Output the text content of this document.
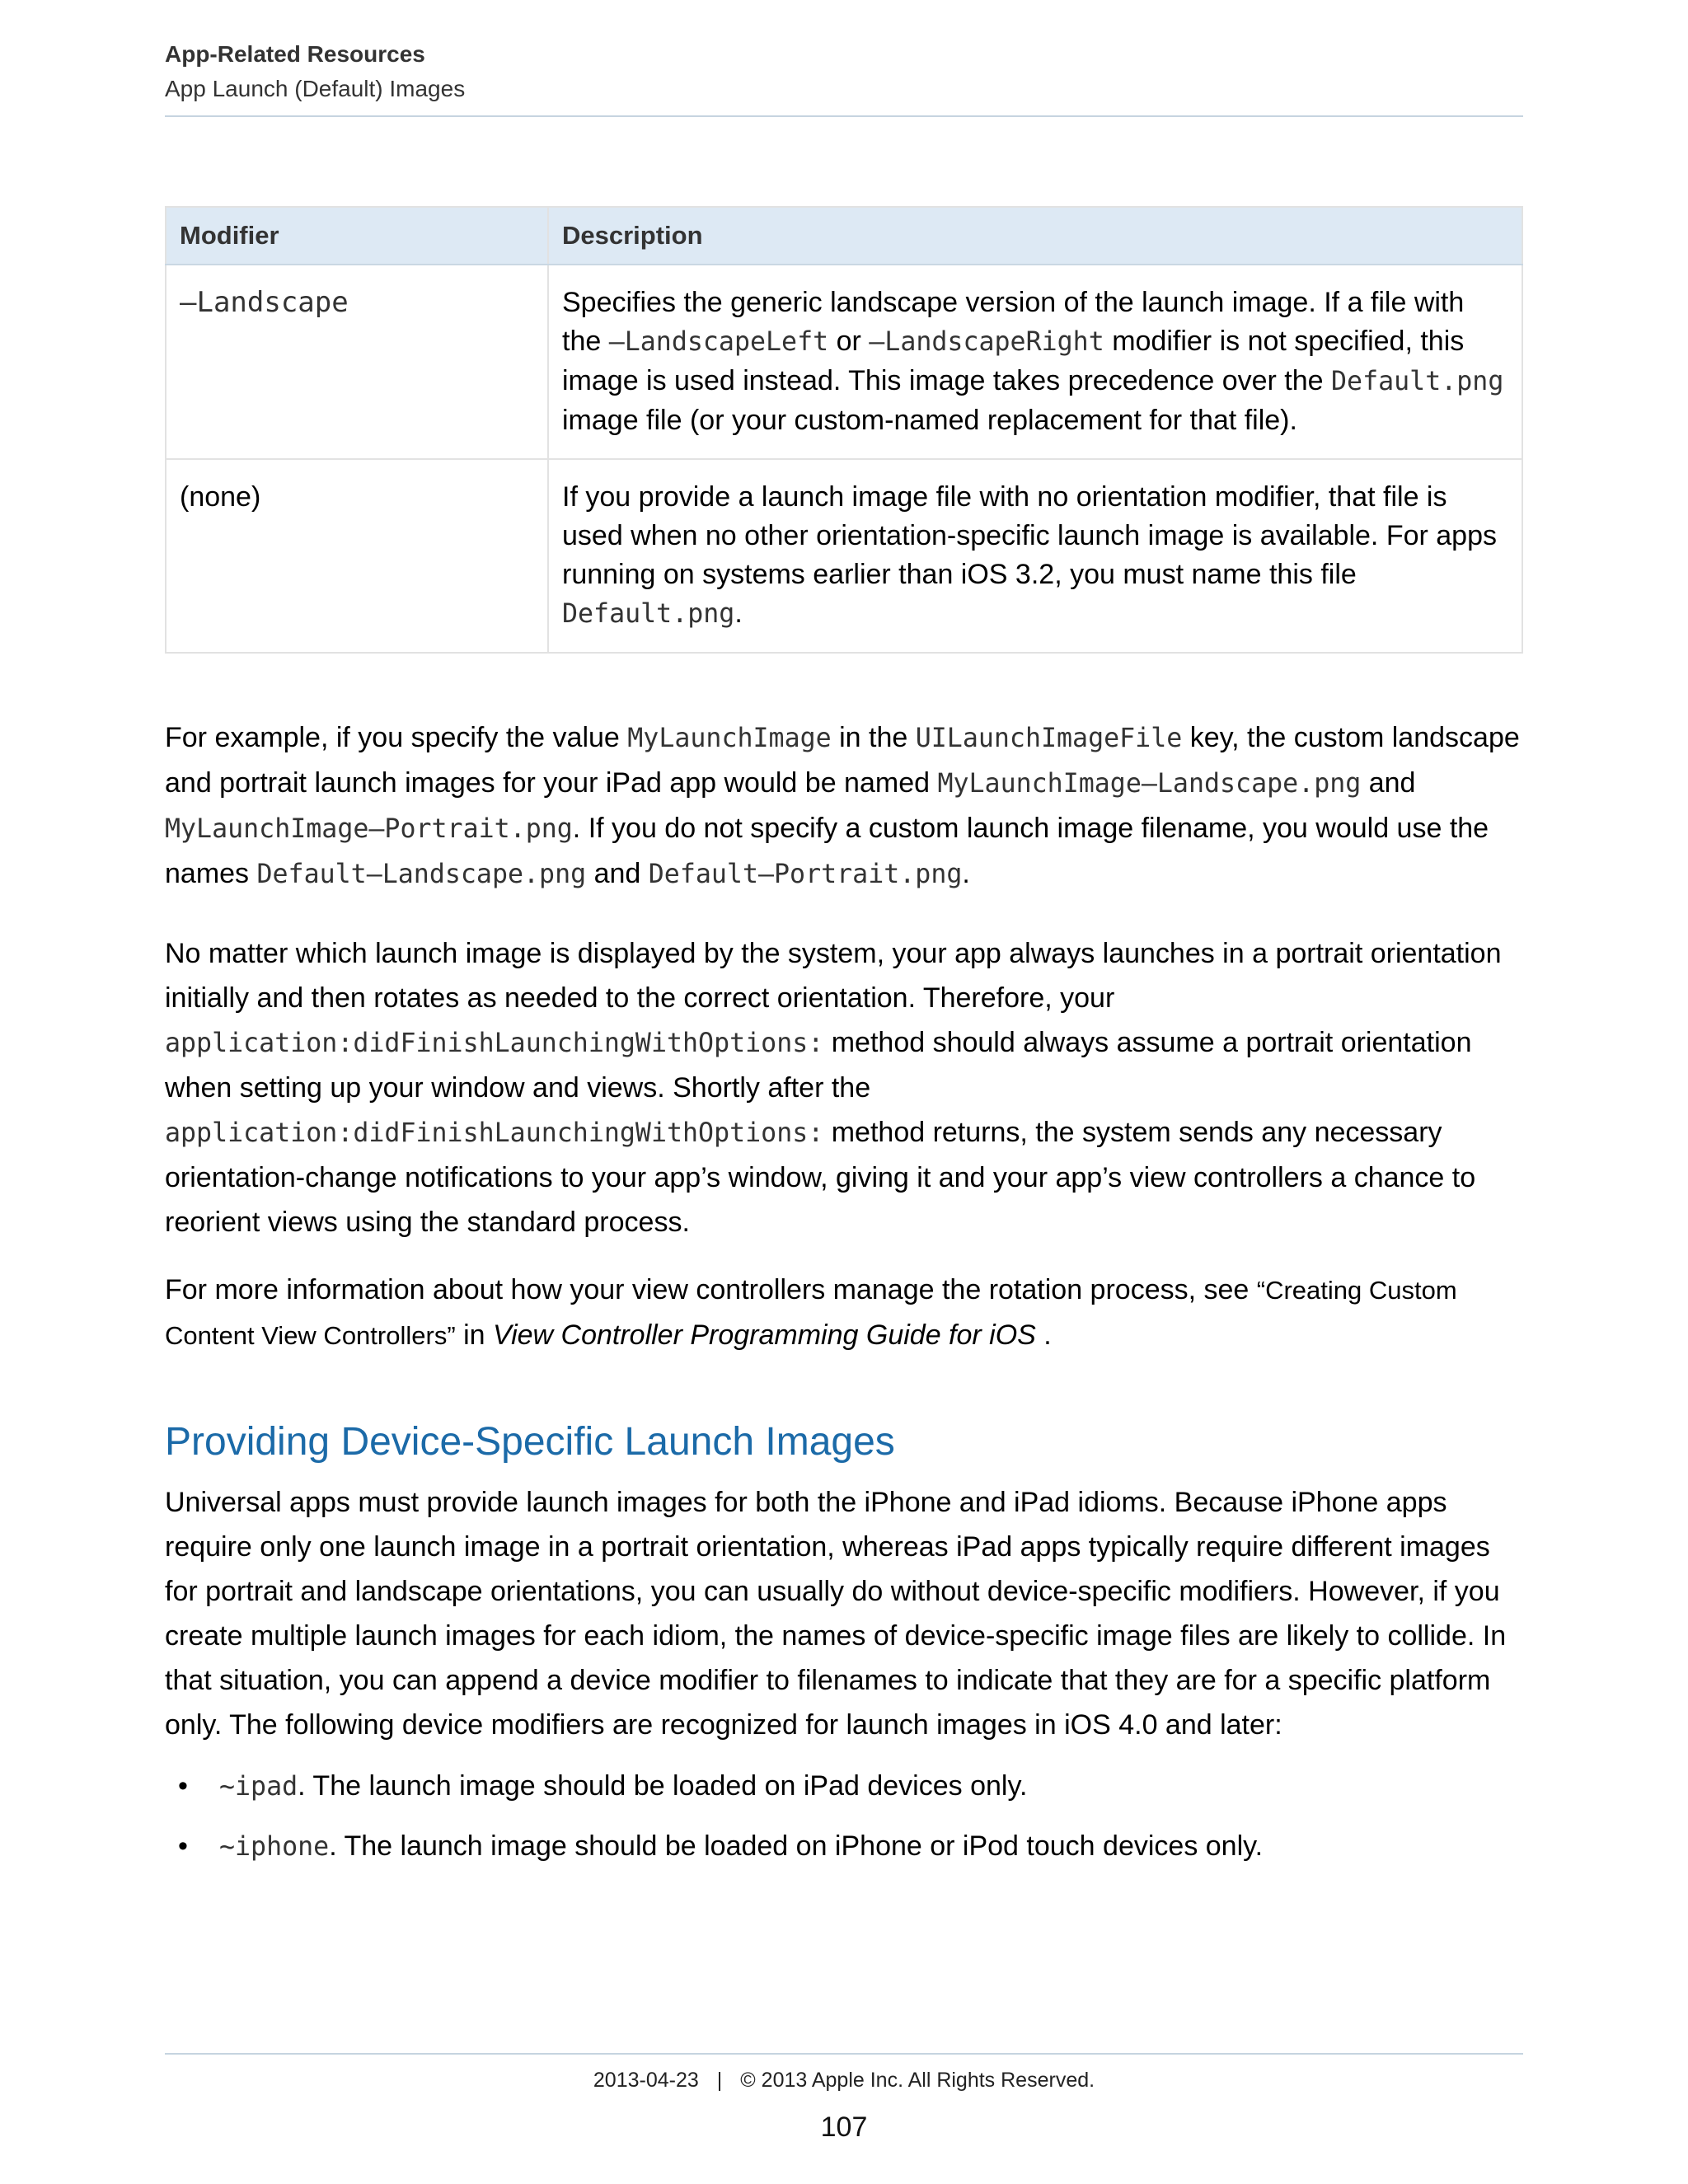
App-Related Resources
App Launch (Default) Images
Modifier	Description
–Landscape	Specifies the generic landscape version of the launch image. If a file with the –LandscapeLeft or –LandscapeRight modifier is not specified, this image is used instead. This image takes precedence over the Default.png image file (or your custom-named replacement for that file).
(none)	If you provide a launch image file with no orientation modifier, that file is used when no other orientation-specific launch image is available. For apps running on systems earlier than iOS 3.2, you must name this file Default.png.

For example, if you specify the value MyLaunchImage in the UILaunchImageFile key, the custom landscape and portrait launch images for your iPad app would be named MyLaunchImage–Landscape.png and MyLaunchImage–Portrait.png. If you do not specify a custom launch image filename, you would use the names Default–Landscape.png and Default–Portrait.png.

No matter which launch image is displayed by the system, your app always launches in a portrait orientation initially and then rotates as needed to the correct orientation. Therefore, your application:didFinishLaunchingWithOptions: method should always assume a portrait orientation when setting up your window and views. Shortly after the application:didFinishLaunchingWithOptions: method returns, the system sends any necessary orientation-change notifications to your app’s window, giving it and your app’s view controllers a chance to reorient views using the standard process.

For more information about how your view controllers manage the rotation process, see “Creating Custom Content View Controllers” in View Controller Programming Guide for iOS .

Providing Device-Specific Launch Images

Universal apps must provide launch images for both the iPhone and iPad idioms. Because iPhone apps require only one launch image in a portrait orientation, whereas iPad apps typically require different images for portrait and landscape orientations, you can usually do without device-specific modifiers. However, if you create multiple launch images for each idiom, the names of device-specific image files are likely to collide. In that situation, you can append a device modifier to filenames to indicate that they are for a specific platform only. The following device modifiers are recognized for launch images in iOS 4.0 and later:

• ~ipad. The launch image should be loaded on iPad devices only.
• ~iphone. The launch image should be loaded on iPhone or iPod touch devices only.
2013-04-23 | © 2013 Apple Inc. All Rights Reserved.
107
